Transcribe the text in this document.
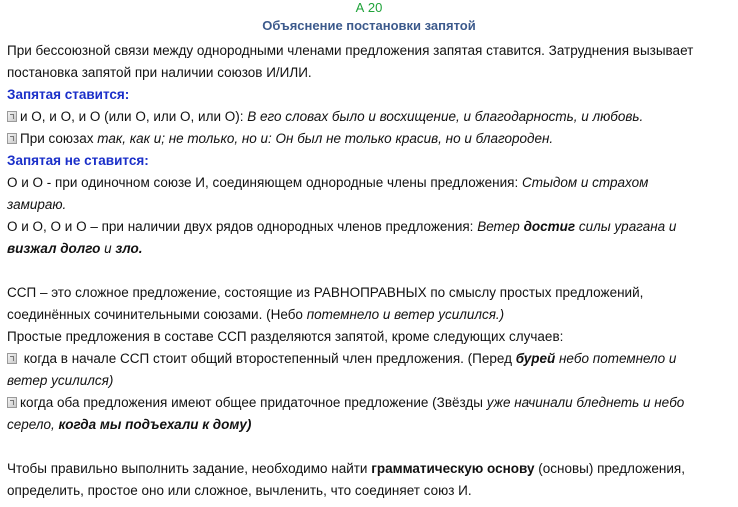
А 20
Объяснение постановки запятой
При бессоюзной связи между однородными членами предложения запятая ставится. Затруднения вызывает
постановка запятой при наличии союзов И/ИЛИ.
Запятая ставится:
и О, и О, и О (или О, или О, или О): В его словах было и восхищение, и благодарность, и любовь.
При союзах так, как и; не только, но и: Он был не только красив, но и благороден.
Запятая не ставится:
О и О - при одиночном союзе И, соединяющем однородные члены предложения: Стыдом и страхом
замираю.
О и О, О и О – при наличии двух рядов однородных членов предложения: Ветер достиг силы урагана и
визжал долго и зло.
ССП – это сложное предложение, состоящие из РАВНОПРАВНЫХ по смыслу простых предложений,
соединённых сочинительными союзами. (Небо потемнело и ветер усилился.)
Простые предложения в составе ССП разделяются запятой, кроме следующих случаев:
когда в начале ССП стоит общий второстепенный член предложения. (Перед бурей небо потемнело и
ветер усилился)
когда оба предложения имеют общее придаточное предложение (Звёзды уже начинали бледнеть и небо
серело, когда мы подъехали к дому)
Чтобы правильно выполнить задание, необходимо найти грамматическую основу (основы) предложения,
определить, простое оно или сложное, вычленить, что соединяет союз И.
